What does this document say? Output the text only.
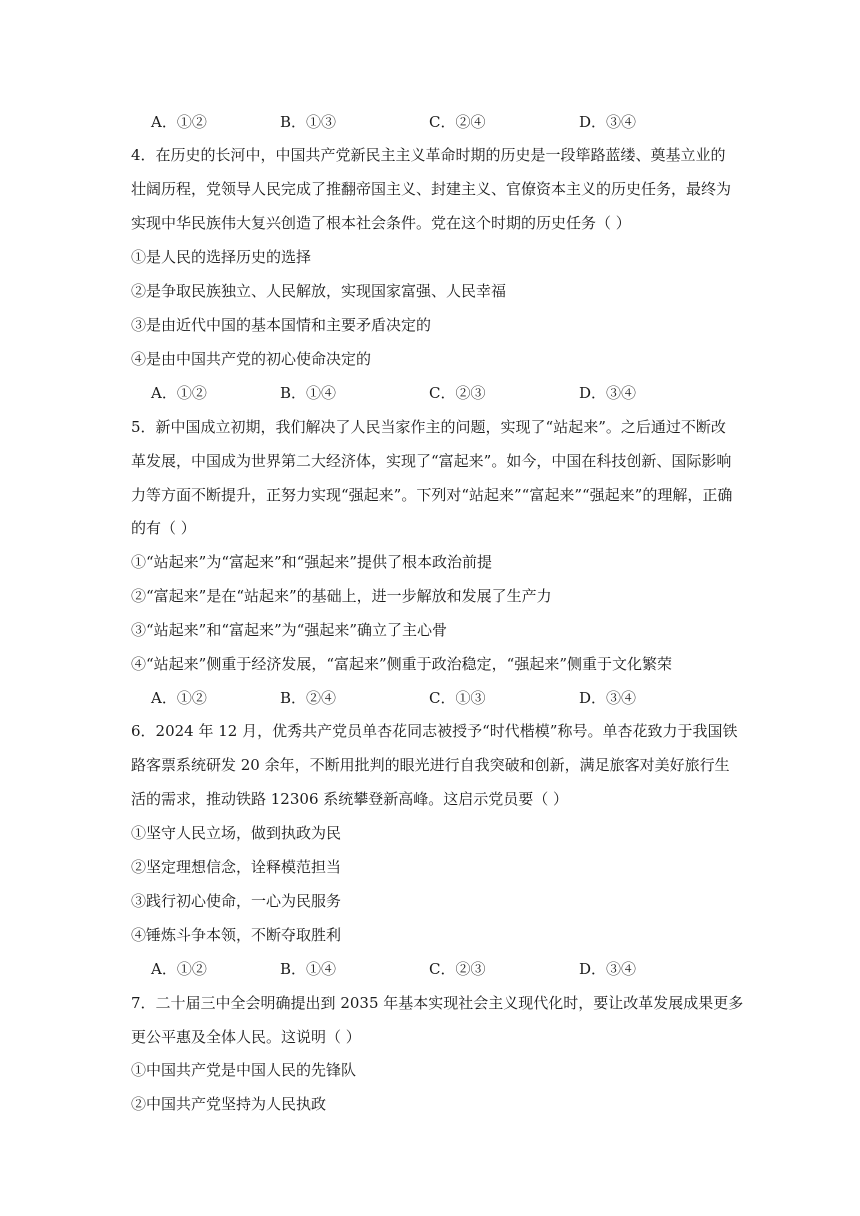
A．①②	B．①③	C．②④	D．③④
4．在历史的长河中，中国共产党新民主主义革命时期的历史是一段筚路蓝缕、奠基立业的
壮阔历程，党领导人民完成了推翻帝国主义、封建主义、官僚资本主义的历史任务，最终为
实现中华民族伟大复兴创造了根本社会条件。党在这个时期的历史任务（ ）
①是人民的选择历史的选择
②是争取民族独立、人民解放，实现国家富强、人民幸福
③是由近代中国的基本国情和主要矛盾决定的
④是由中国共产党的初心使命决定的
A．①②	B．①④	C．②③	D．③④
5．新中国成立初期，我们解决了人民当家作主的问题，实现了“站起来”。之后通过不断改
革发展，中国成为世界第二大经济体，实现了“富起来”。如今，中国在科技创新、国际影响
力等方面不断提升，正努力实现“强起来”。下列对“站起来”“富起来”“强起来”的理解，正确
的有（ ）
①“站起来”为“富起来”和“强起来”提供了根本政治前提
②“富起来”是在“站起来”的基础上，进一步解放和发展了生产力
③“站起来”和“富起来”为“强起来”确立了主心骨
④“站起来”侧重于经济发展，“富起来”侧重于政治稳定，“强起来”侧重于文化繁荣
A．①②	B．②④	C．①③	D．③④
6．2024 年 12 月，优秀共产党员单杏花同志被授予“时代楷模”称号。单杏花致力于我国铁
路客票系统研发 20 余年，不断用批判的眼光进行自我突破和创新，满足旅客对美好旅行生
活的需求，推动铁路 12306 系统攀登新高峰。这启示党员要（ ）
①坚守人民立场，做到执政为民
②坚定理想信念，诠释模范担当
③践行初心使命，一心为民服务
④锤炼斗争本领，不断夺取胜利
A．①②	B．①④	C．②③	D．③④
7．二十届三中全会明确提出到 2035 年基本实现社会主义现代化时，要让改革发展成果更多
更公平惠及全体人民。这说明（ ）
①中国共产党是中国人民的先锋队
②中国共产党坚持为人民执政
